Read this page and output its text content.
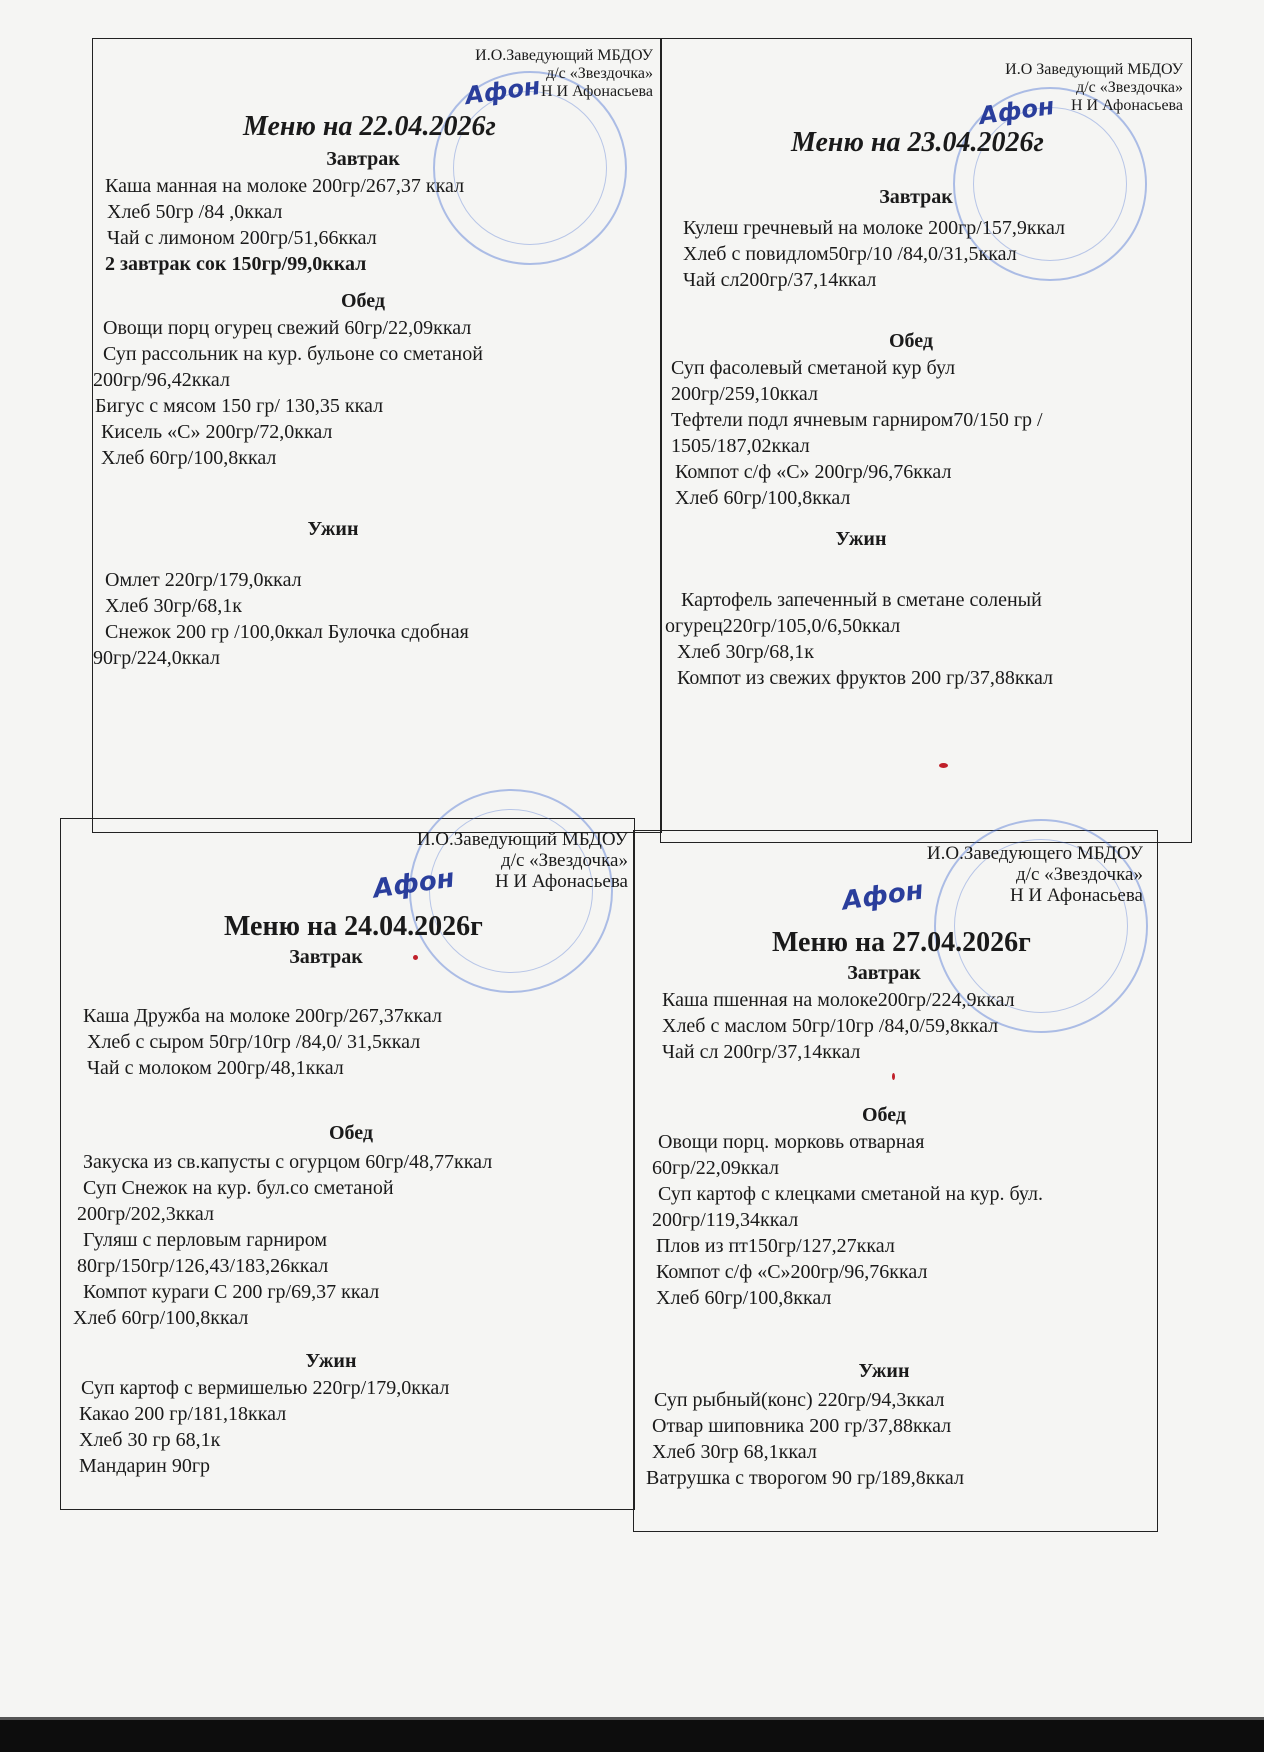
И.О.Заведующий МБДОУ
д/с «Звездочка»
Н И Афонасьева
Афон
Меню на 22.04.2026г
Завтрак
Каша манная на молоке 200гр/267,37 ккал
Хлеб 50гр /84 ,0ккал
Чай с лимоном 200гр/51,66ккал
2 завтрак сок 150гр/99,0ккал
Обед
Овощи порц огурец свежий 60гр/22,09ккал
Суп рассольник на кур. бульоне со сметаной
200гр/96,42ккал
Бигус с мясом 150 гр/ 130,35 ккал
Кисель «С» 200гр/72,0ккал
Хлеб 60гр/100,8ккал
Ужин
Омлет 220гр/179,0ккал
Хлеб 30гр/68,1к
Снежок 200 гр /100,0ккал Булочка сдобная
90гр/224,0ккал
И.О Заведующий МБДОУ
д/с «Звездочка»
Н И Афонасьева
Афон
Меню на 23.04.2026г
Завтрак
Кулеш гречневый на молоке 200гр/157,9ккал
Хлеб с повидлом50гр/10 /84,0/31,5ккал
Чай сл200гр/37,14ккал
Обед
Суп фасолевый сметаной кур бул
200гр/259,10ккал
Тефтели подл ячневым гарниром70/150 гр /
1505/187,02ккал
Компот с/ф «С» 200гр/96,76ккал
Хлеб 60гр/100,8ккал
Ужин
Картофель запеченный в сметане соленый
огурец220гр/105,0/6,50ккал
Хлеб 30гр/68,1к
Компот из свежих фруктов 200 гр/37,88ккал
И.О.Заведующий МБДОУ
д/с «Звездочка»
Н И Афонасьева
Афон
Меню на 24.04.2026г
Завтрак
Каша Дружба на молоке 200гр/267,37ккал
Хлеб с сыром 50гр/10гр /84,0/ 31,5ккал
Чай с молоком 200гр/48,1ккал
Обед
Закуска из св.капусты с огурцом 60гр/48,77ккал
Суп Снежок на кур. бул.со сметаной
200гр/202,3ккал
Гуляш с перловым гарниром
80гр/150гр/126,43/183,26ккал
Компот кураги С 200 гр/69,37 ккал
Хлеб 60гр/100,8ккал
Ужин
Суп картоф с вермишелью 220гр/179,0ккал
Какао 200 гр/181,18ккал
Хлеб 30 гр 68,1к
Мандарин 90гр
И.О.Заведующего МБДОУ
д/с «Звездочка»
Н И Афонасьева
Афон
Меню на 27.04.2026г
Завтрак
Каша пшенная на молоке200гр/224,9ккал
Хлеб с маслом 50гр/10гр /84,0/59,8ккал
Чай сл 200гр/37,14ккал
Обед
Овощи порц. морковь отварная
60гр/22,09ккал
Суп картоф с клецками сметаной на кур. бул.
200гр/119,34ккал
Плов из пт150гр/127,27ккал
Компот с/ф «С»200гр/96,76ккал
Хлеб 60гр/100,8ккал
Ужин
Суп рыбный(конс) 220гр/94,3ккал
Отвар шиповника 200 гр/37,88ккал
Хлеб 30гр 68,1ккал
Ватрушка с творогом 90 гр/189,8ккал
